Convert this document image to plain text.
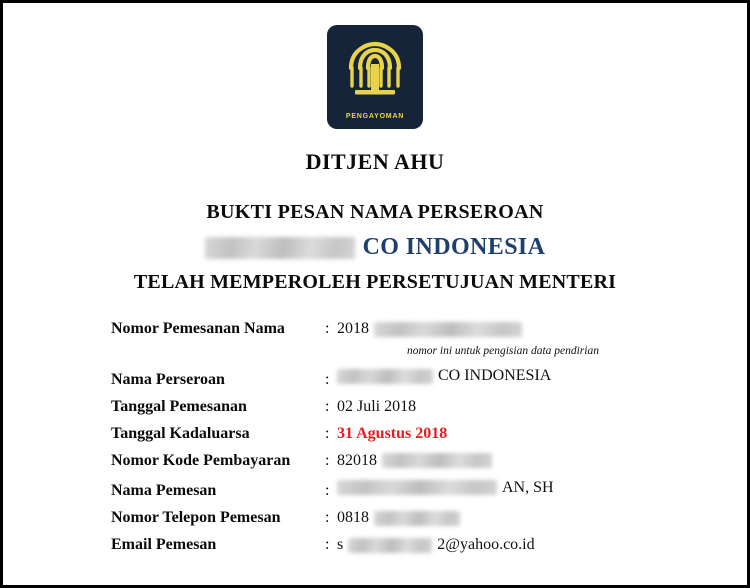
PENGAYOMAN
DITJEN AHU
BUKTI PESAN NAMA PERSEROAN
CO INDONESIA
TELAH MEMPEROLEH PERSETUJUAN MENTERI
Nomor Pemesanan Nama	: 2018
nomor ini untuk pengisian data pendirian
Nama Perseroan	:	CO INDONESIA
Tanggal Pemesanan	: 02 Juli 2018
Tanggal Kadaluarsa	: 31 Agustus 2018
Nomor Kode Pembayaran	: 82018
Nama Pemesan	:	AN, SH
Nomor Telepon Pemesan	: 0818
Email Pemesan	: s	2@yahoo.co.id
